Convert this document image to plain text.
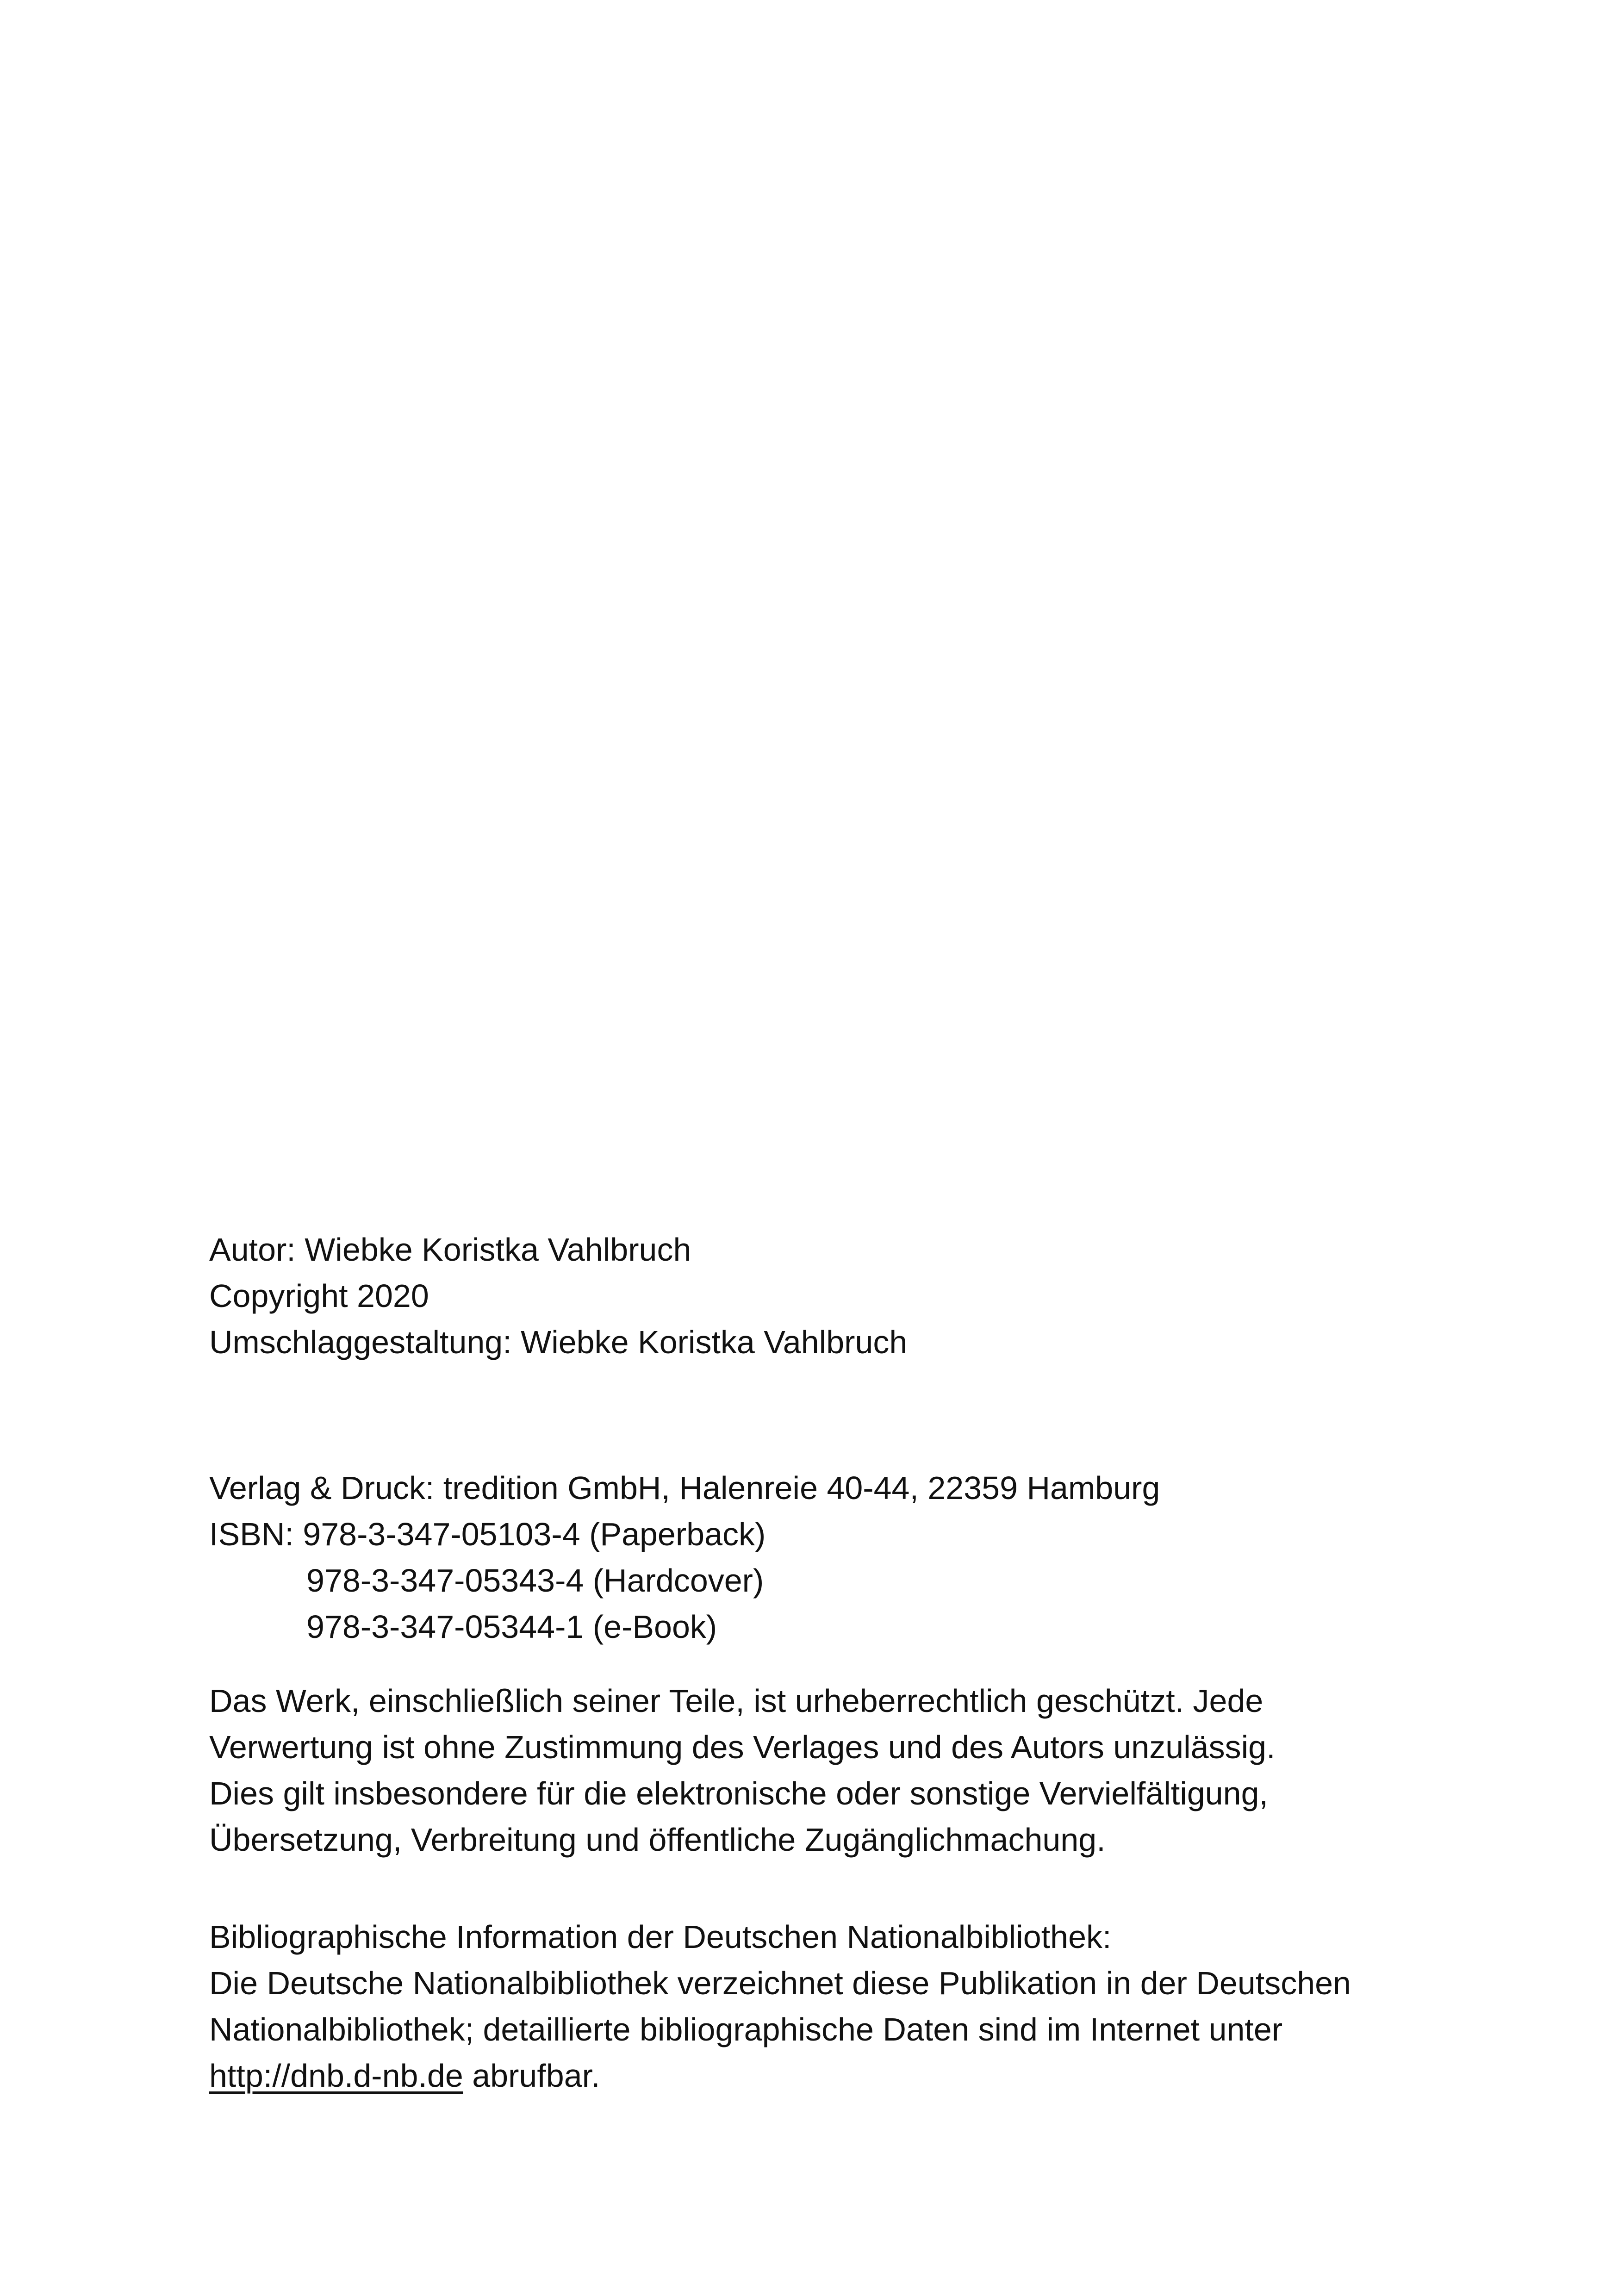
Autor: Wiebke Koristka Vahlbruch

Copyright 2020

Umschlaggestaltung: Wiebke Koristka Vahlbruch

Verlag & Druck: tredition GmbH, Halenreie 40-44, 22359 Hamburg

ISBN: 978-3-347-05103-4 (Paperback)

978-3-347-05343-4 (Hardcover)

978-3-347-05344-1 (e-Book)

Das Werk, einschließlich seiner Teile, ist urheberrechtlich geschützt. Jede

Verwertung ist ohne Zustimmung des Verlages und des Autors unzulässig.

Dies gilt insbesondere für die elektronische oder sonstige Vervielfältigung,

Übersetzung, Verbreitung und öffentliche Zugänglichmachung.

Bibliographische Information der Deutschen Nationalbibliothek:

Die Deutsche Nationalbibliothek verzeichnet diese Publikation in der Deutschen

Nationalbibliothek; detaillierte bibliographische Daten sind im Internet unter

http://dnb.d-nb.de abrufbar.
